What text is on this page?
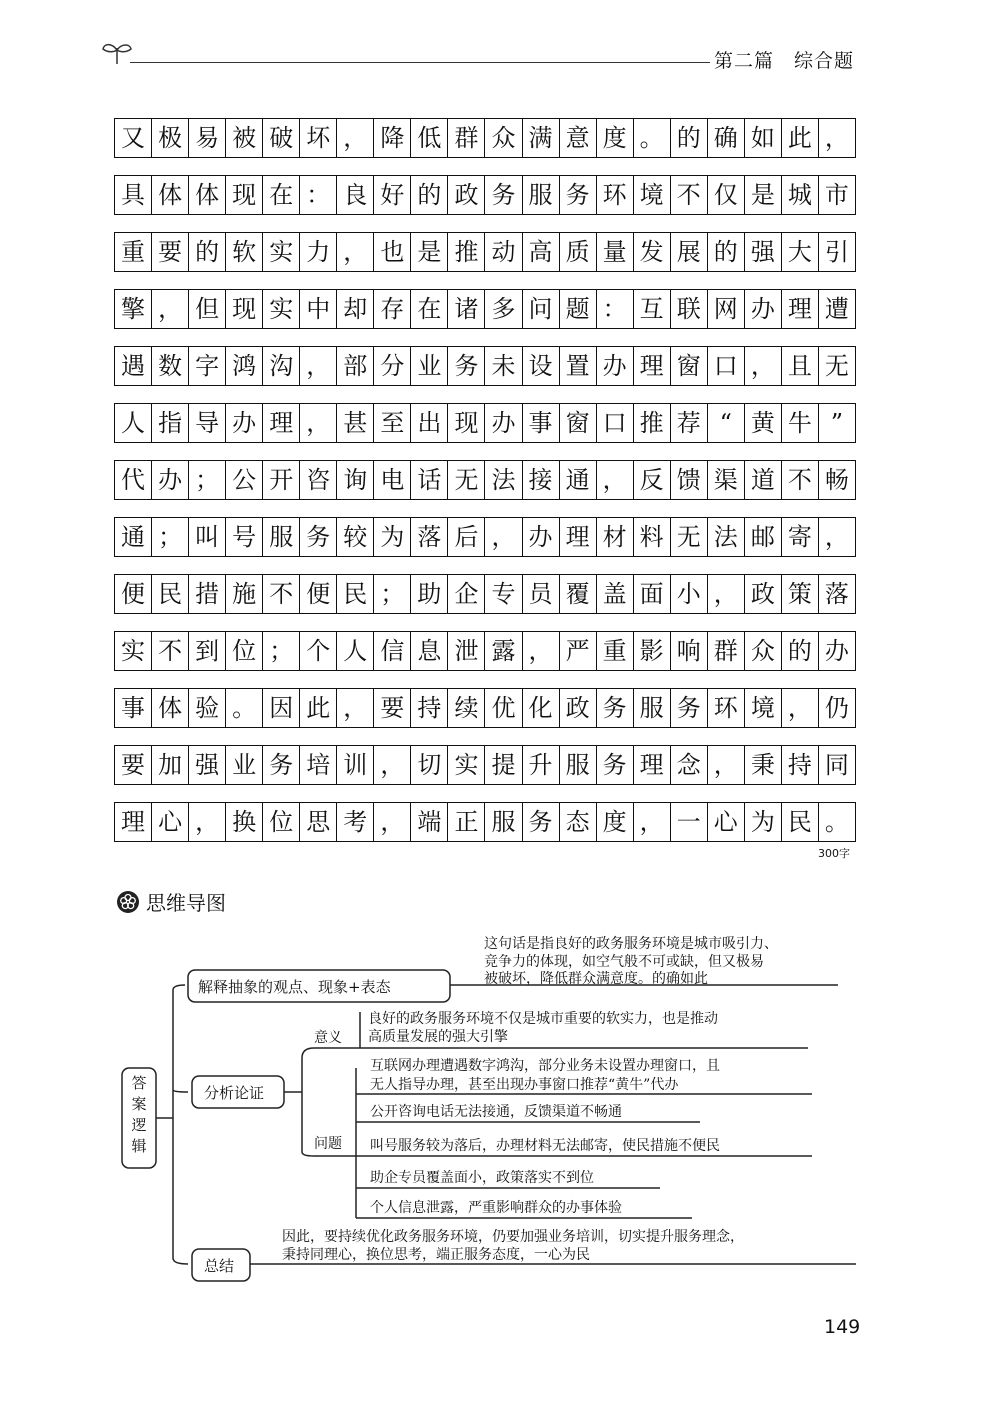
第二篇　综合题
又 极 易 被 破 坏 ， 降 低 群 众 满 意 度 。 的 确 如 此 ，
具 体 体 现 在 ： 良 好 的 政 务 服 务 环 境 不 仅 是 城 市
重 要 的 软 实 力 ， 也 是 推 动 高 质 量 发 展 的 强 大 引
擎 ， 但 现 实 中 却 存 在 诸 多 问 题 ： 互 联 网 办 理 遭
遇 数 字 鸿 沟 ， 部 分 业 务 未 设 置 办 理 窗 口 ， 且 无
人 指 导 办 理 ， 甚 至 出 现 办 事 窗 口 推 荐 “ 黄 牛 ”
代 办 ； 公 开 咨 询 电 话 无 法 接 通 ， 反 馈 渠 道 不 畅
通 ； 叫 号 服 务 较 为 落 后 ， 办 理 材 料 无 法 邮 寄 ，
便 民 措 施 不 便 民 ； 助 企 专 员 覆 盖 面 小 ， 政 策 落
实 不 到 位 ； 个 人 信 息 泄 露 ， 严 重 影 响 群 众 的 办
事 体 验 。 因 此 ， 要 持 续 优 化 政 务 服 务 环 境 ， 仍
要 加 强 业 务 培 训 ， 切 实 提 升 服 务 理 念 ， 秉 持 同
理 心 ， 换 位 思 考 ， 端 正 服 务 态 度 ， 一 心 为 民 。
300字
思维导图
答案逻辑
解释抽象的观点、现象+表态
这句话是指良好的政务服务环境是城市吸引力、
竞争力的体现，如空气般不可或缺，但又极易
被破坏，降低群众满意度。的确如此
分析论证
意义
良好的政务服务环境不仅是城市重要的软实力，也是推动
高质量发展的强大引擎
问题
互联网办理遭遇数字鸿沟，部分业务未设置办理窗口，且
无人指导办理，甚至出现办事窗口推荐“黄牛”代办
公开咨询电话无法接通，反馈渠道不畅通
叫号服务较为落后，办理材料无法邮寄，使民措施不便民
助企专员覆盖面小，政策落实不到位
个人信息泄露，严重影响群众的办事体验
总结
因此，要持续优化政务服务环境，仍要加强业务培训，切实提升服务理念，
秉持同理心，换位思考，端正服务态度，一心为民
149
